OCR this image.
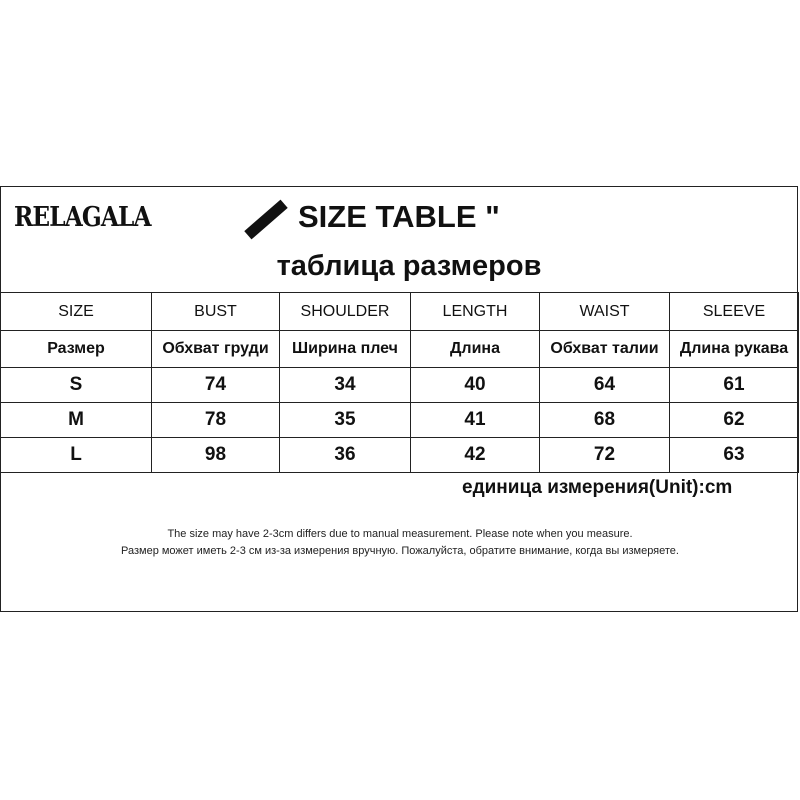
RELAGALA	SIZE TABLE "
таблица размеров
SIZE	BUST	SHOULDER	LENGTH	WAIST	SLEEVE
Размер	Обхват груди	Ширина плеч	Длина	Обхват талии	Длина рукава
S	74	34	40	64	61
M	78	35	41	68	62
L	98	36	42	72	63
единица измерения(Unit):cm
The size may have 2-3cm differs due to manual measurement. Please note when you measure.
Размер может иметь 2-3 см из-за измерения вручную. Пожалуйста, обратите внимание, когда вы измеряете.
